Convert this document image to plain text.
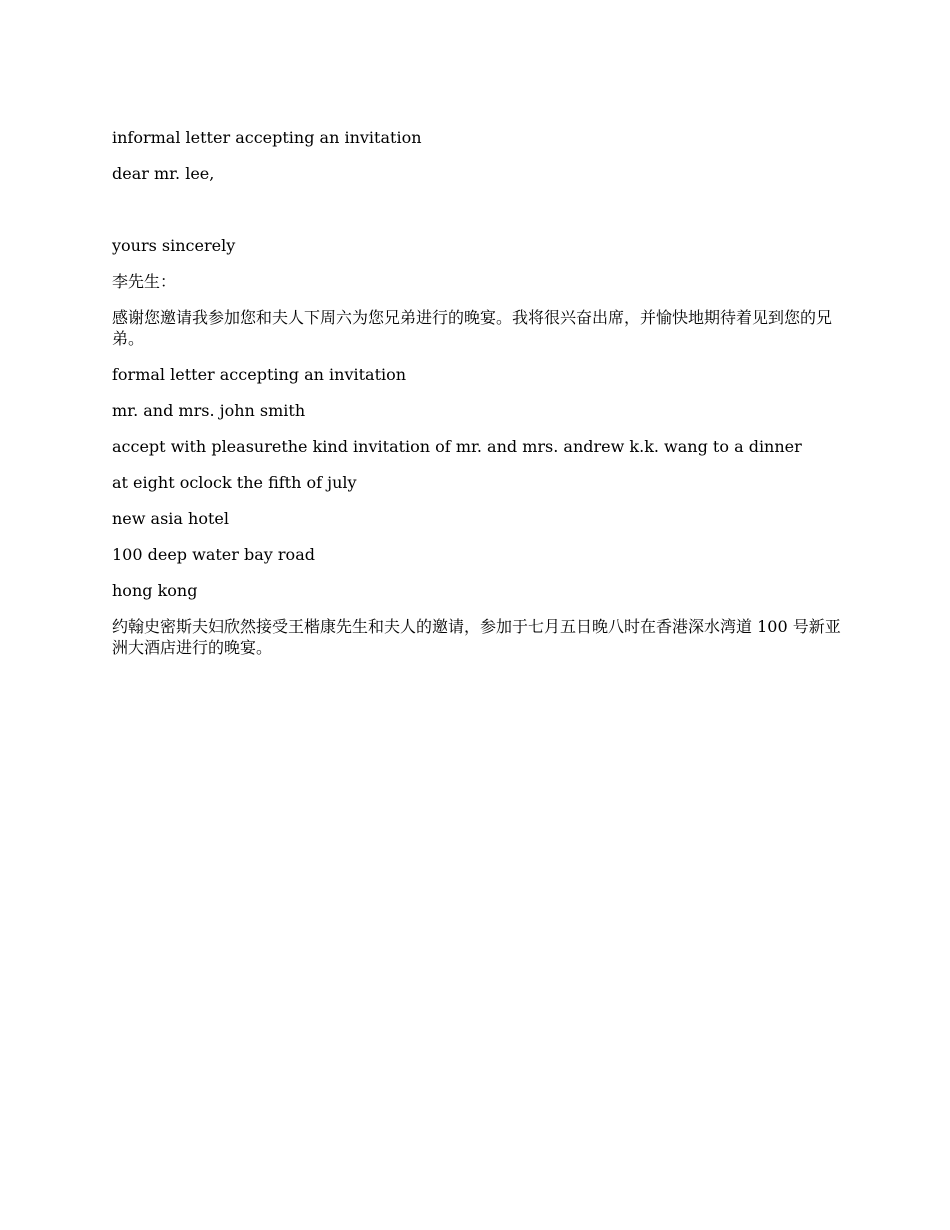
informal letter accepting an invitation

dear mr. lee,

yours sincerely

李先生：

感谢您邀请我参加您和夫人下周六为您兄弟进行的晚宴。我将很兴奋出席，并愉快地期待着见到您的兄弟。

formal letter accepting an invitation

mr. and mrs. john smith

accept with pleasurethe kind invitation of mr. and mrs. andrew k.k. wang to a dinner

at eight oclock the fifth of july

new asia hotel

100 deep water bay road

hong kong

约翰史密斯夫妇欣然接受王楷康先生和夫人的邀请，参加于七月五日晚八时在香港深水湾道 100 号新亚洲大酒店进行的晚宴。
